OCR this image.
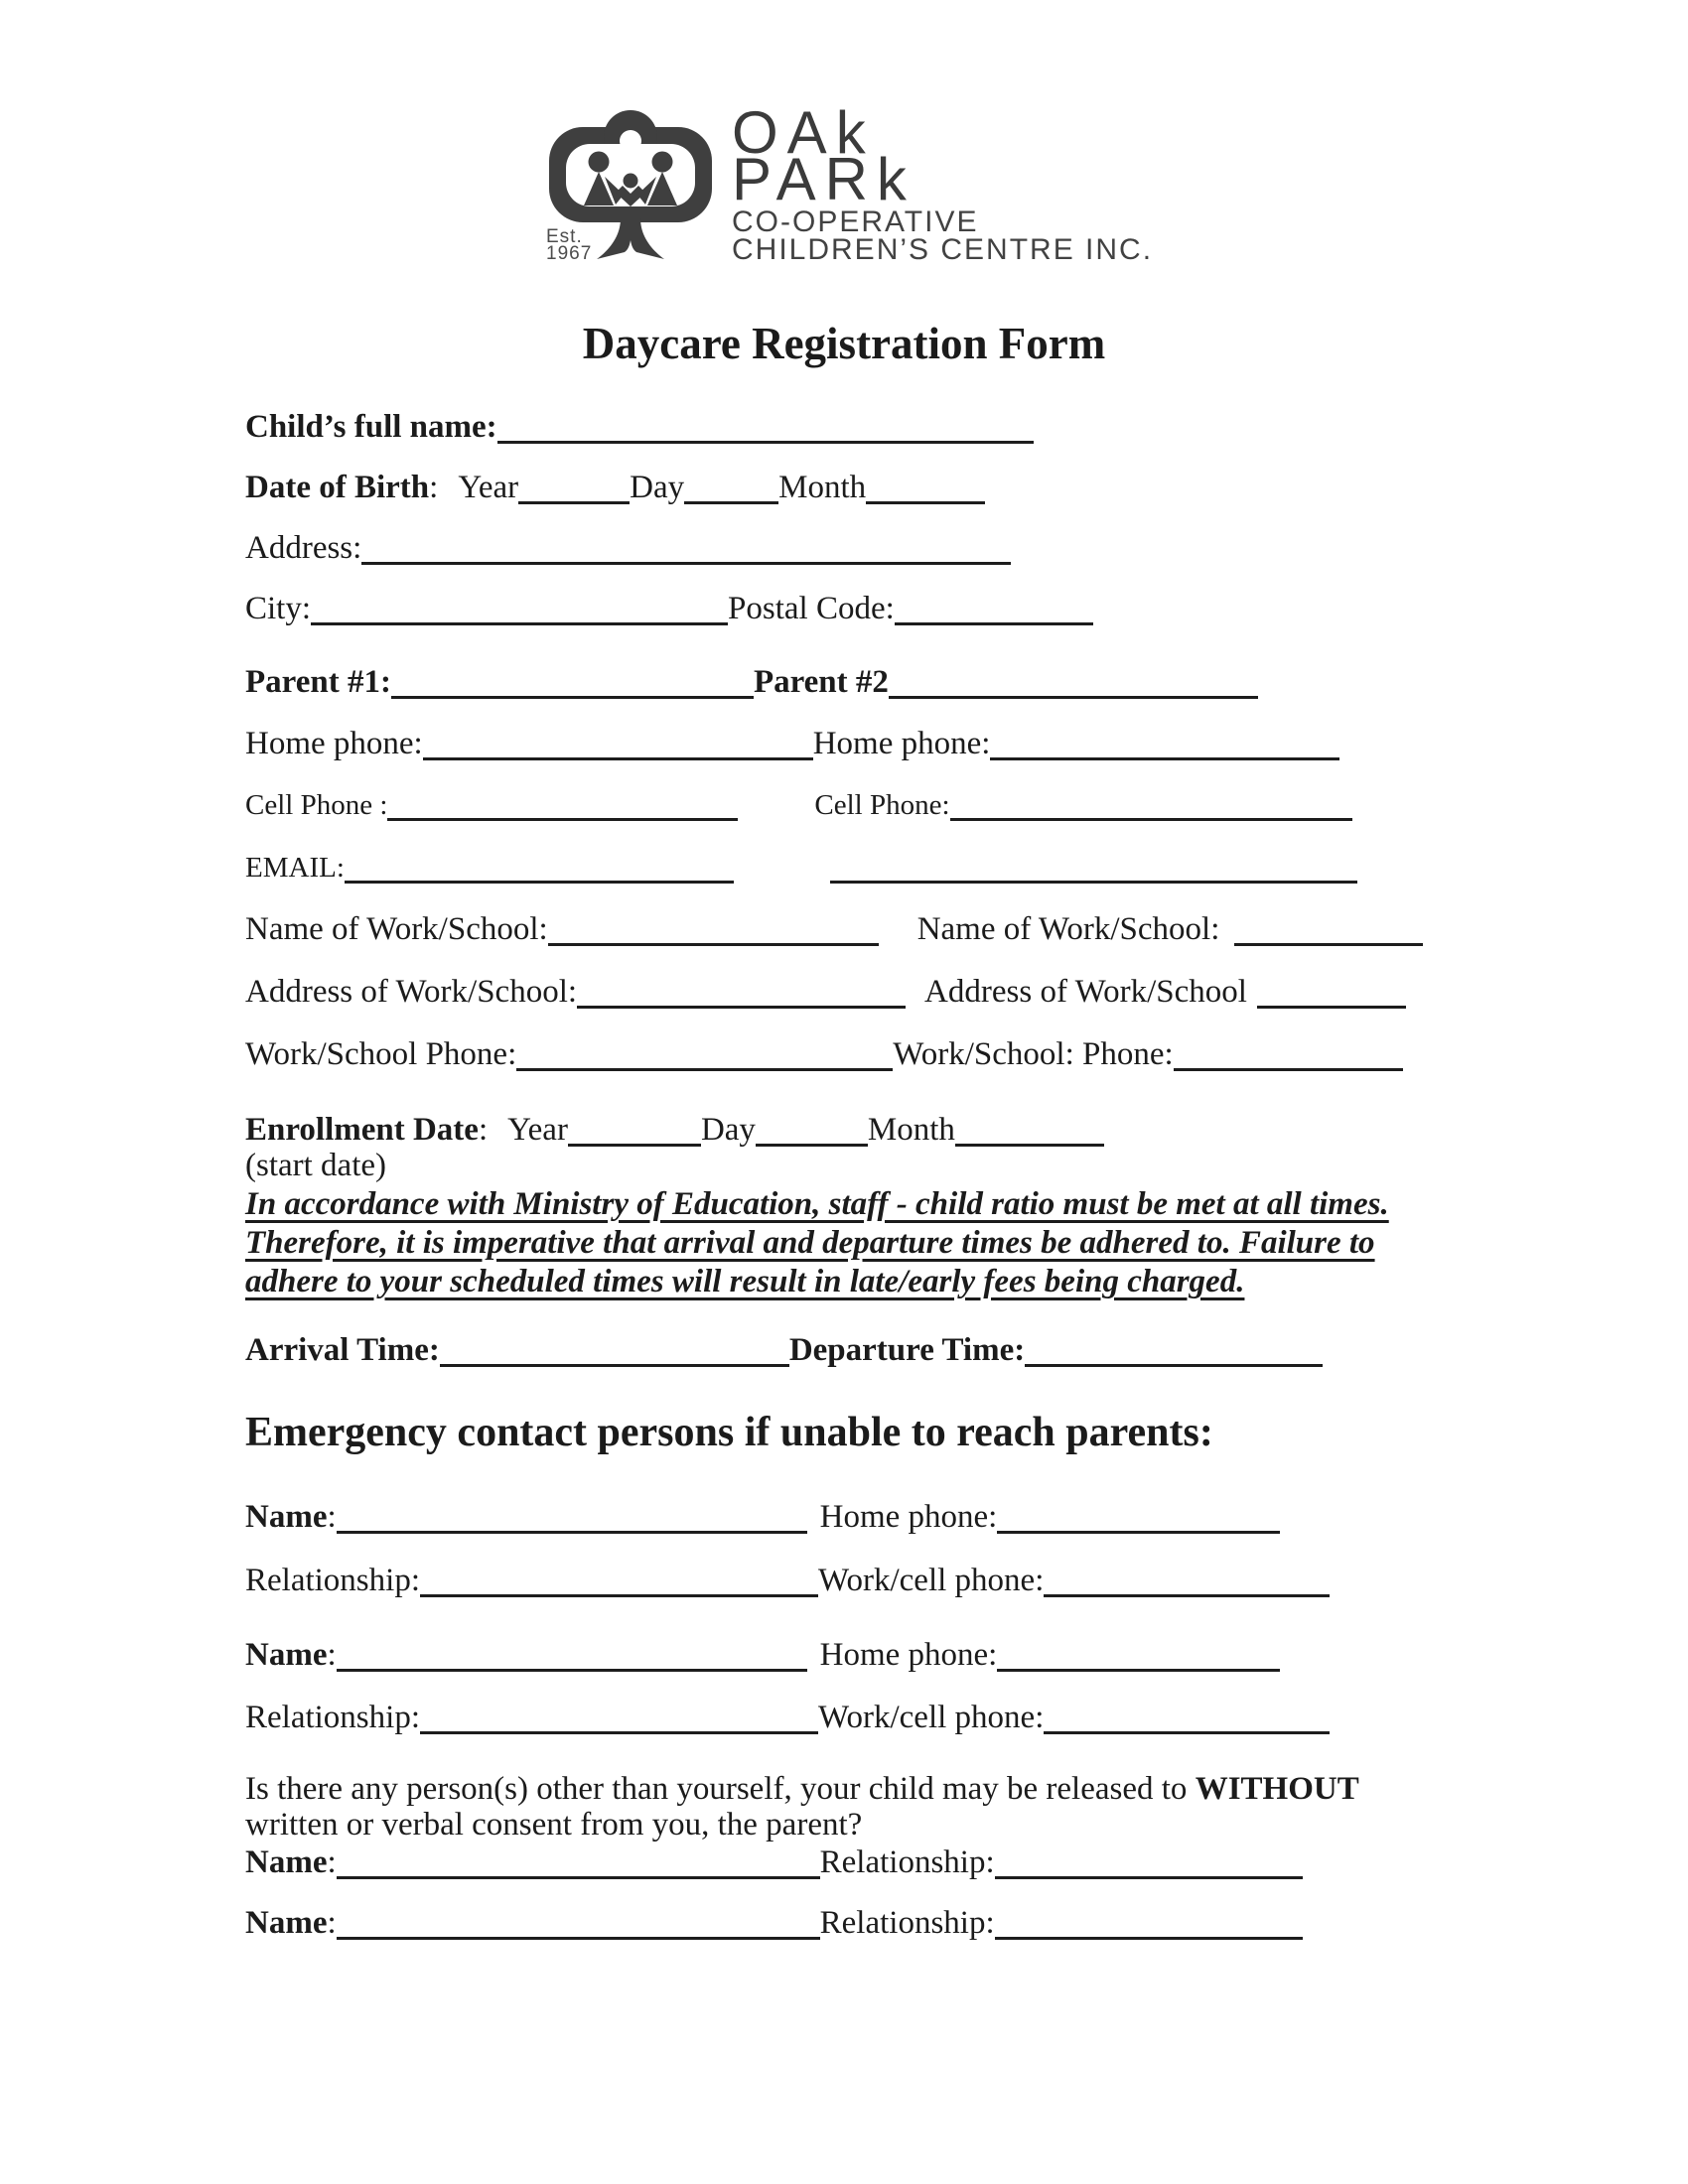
Est.
1967
OAk
PARk
CO-OPERATIVE
CHILDREN’S CENTRE INC.
Daycare Registration Form
Child’s full name:
Date of Birth: Year	Day	Month
Address:
City:	Postal Code:
Parent #1:	Parent #2
Home phone:	Home phone:
Cell Phone :	Cell Phone:
EMAIL:
Name of Work/School:	Name of Work/School:
Address of Work/School:	Address of Work/School
Work/School Phone:	Work/School: Phone:
Enrollment Date: Year	Day	Month
(start date)
In accordance with Ministry of Education, staff - child ratio must be met at all times.
Therefore, it is imperative that arrival and departure times be adhered to. Failure to
adhere to your scheduled times will result in late/early fees being charged.
Arrival Time:	Departure Time:
Emergency contact persons if unable to reach parents:
Name:	Home phone:
Relationship:	Work/cell phone:
Name:	Home phone:
Relationship:	Work/cell phone:
Is there any person(s) other than yourself, your child may be released to WITHOUT
written or verbal consent from you, the parent?
Name:	Relationship:
Name:	Relationship:
